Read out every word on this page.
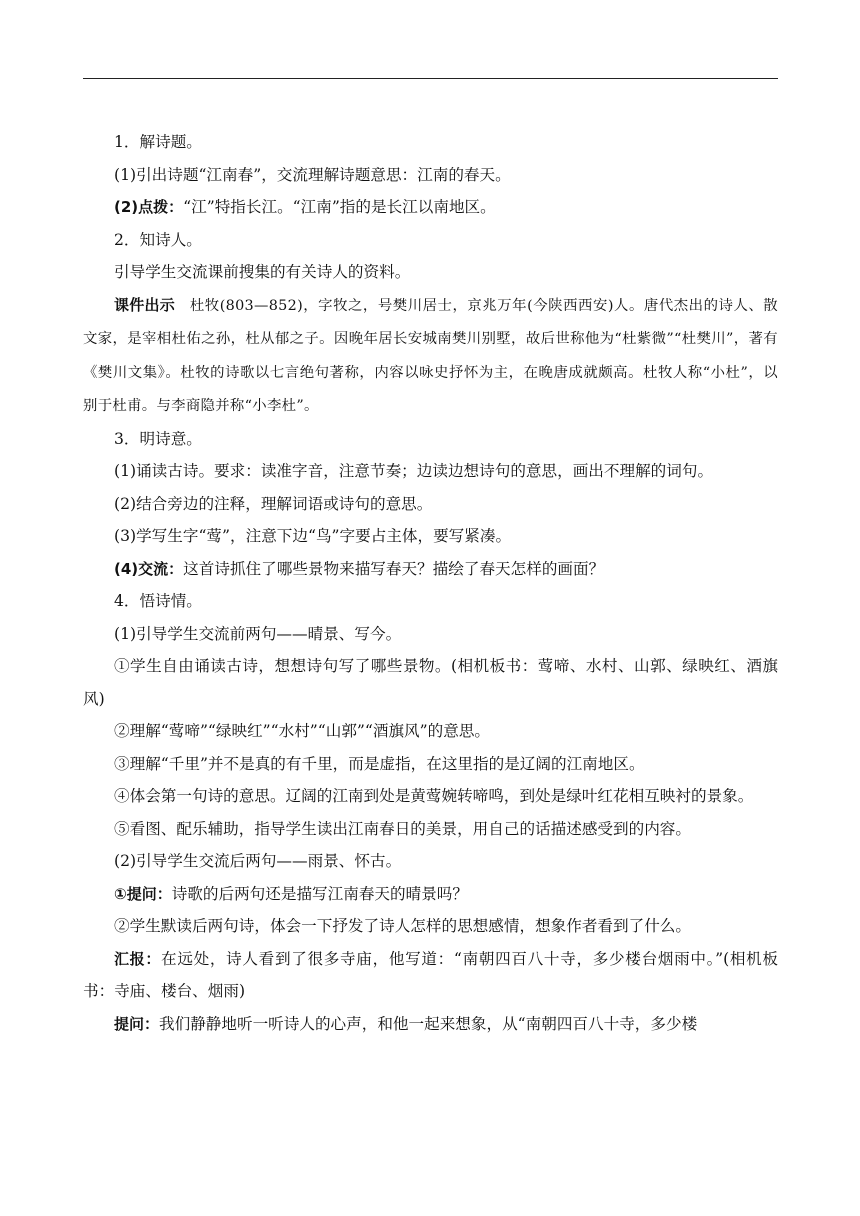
1．解诗题。

(1)引出诗题“江南春”，交流理解诗题意思：江南的春天。

(2)点拨：“江”特指长江。“江南”指的是长江以南地区。

2．知诗人。

引导学生交流课前搜集的有关诗人的资料。

课件出示　杜牧(803—852)，字牧之，号樊川居士，京兆万年(今陕西西安)人。唐代杰出的诗人、散文家，是宰相杜佑之孙，杜从郁之子。因晚年居长安城南樊川别墅，故后世称他为“杜紫微”“杜樊川”，著有《樊川文集》。杜牧的诗歌以七言绝句著称，内容以咏史抒怀为主，在晚唐成就颇高。杜牧人称“小杜”，以别于杜甫。与李商隐并称“小李杜”。

3．明诗意。

(1)诵读古诗。要求：读准字音，注意节奏；边读边想诗句的意思，画出不理解的词句。

(2)结合旁边的注释，理解词语或诗句的意思。

(3)学写生字“莺”，注意下边“鸟”字要占主体，要写紧凑。

(4)交流：这首诗抓住了哪些景物来描写春天？描绘了春天怎样的画面？

4．悟诗情。

(1)引导学生交流前两句——晴景、写今。

①学生自由诵读古诗，想想诗句写了哪些景物。(相机板书：莺啼、水村、山郭、绿映红、酒旗风)

②理解“莺啼”“绿映红”“水村”“山郭”“酒旗风”的意思。

③理解“千里”并不是真的有千里，而是虚指，在这里指的是辽阔的江南地区。

④体会第一句诗的意思。辽阔的江南到处是黄莺婉转啼鸣，到处是绿叶红花相互映衬的景象。

⑤看图、配乐辅助，指导学生读出江南春日的美景，用自己的话描述感受到的内容。

(2)引导学生交流后两句——雨景、怀古。

①提问：诗歌的后两句还是描写江南春天的晴景吗？

②学生默读后两句诗，体会一下抒发了诗人怎样的思想感情，想象作者看到了什么。

汇报：在远处，诗人看到了很多寺庙，他写道：“南朝四百八十寺，多少楼台烟雨中。”(相机板书：寺庙、楼台、烟雨)

提问：我们静静地听一听诗人的心声，和他一起来想象，从“南朝四百八十寺，多少楼
